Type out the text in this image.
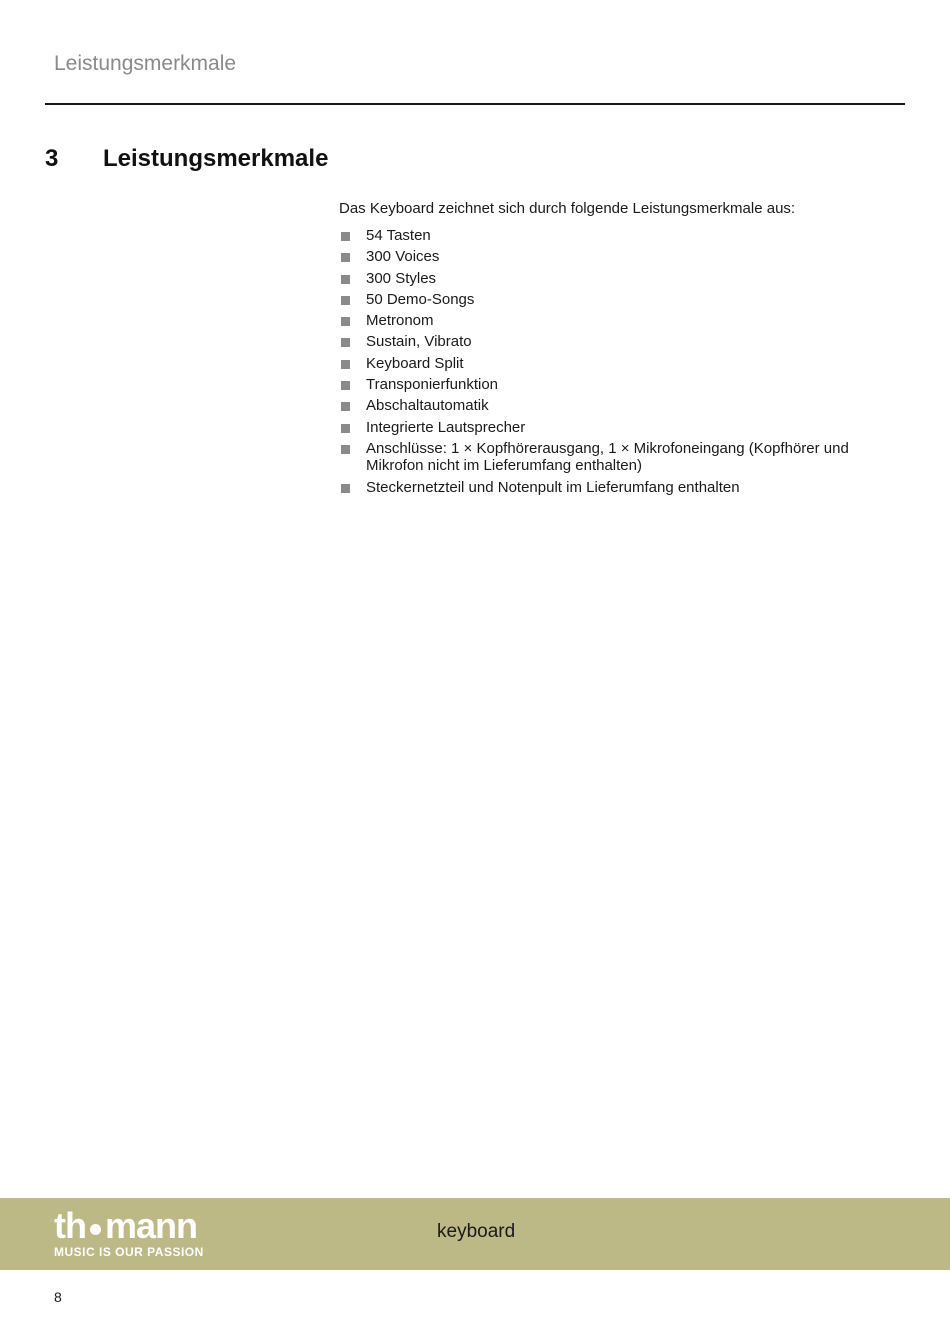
Leistungsmerkmale
3 Leistungsmerkmale
Das Keyboard zeichnet sich durch folgende Leistungsmerkmale aus:
54 Tasten
300 Voices
300 Styles
50 Demo-Songs
Metronom
Sustain, Vibrato
Keyboard Split
Transponierfunktion
Abschaltautomatik
Integrierte Lautsprecher
Anschlüsse: 1 × Kopfhörerausgang, 1 × Mikrofoneingang (Kopfhörer und Mikrofon nicht im Lieferumfang enthalten)
Steckernetzteil und Notenpult im Lieferumfang enthalten
th mann
MUSIC IS OUR PASSION
keyboard
8
